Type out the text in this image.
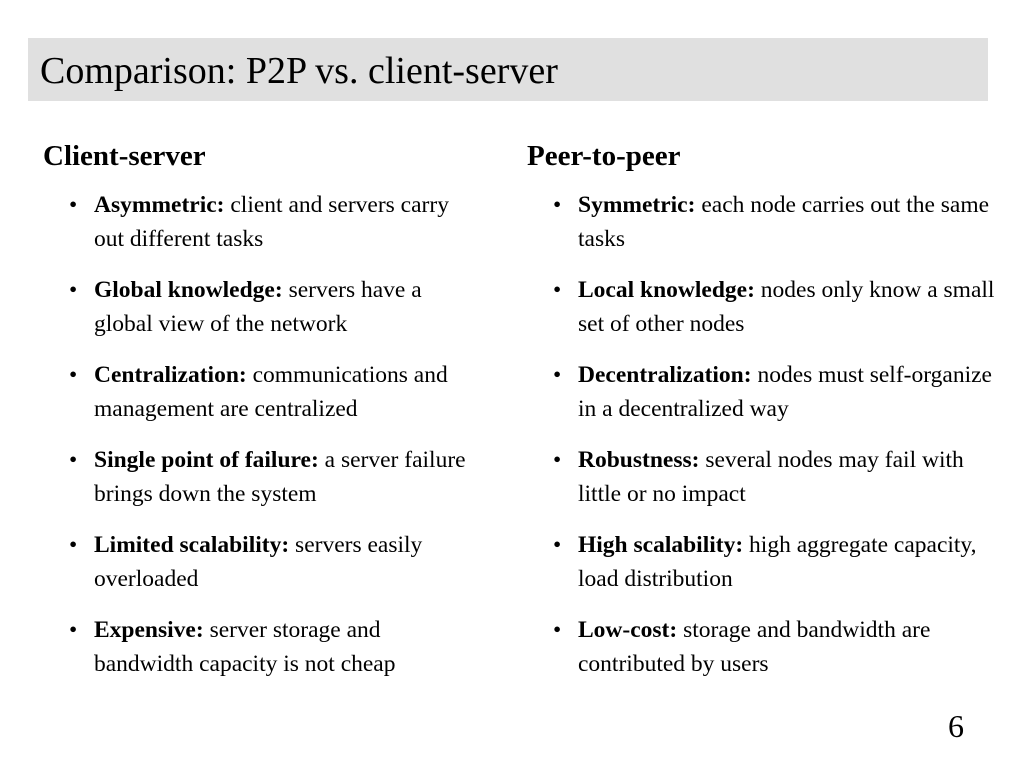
Comparison: P2P vs. client-server
Client-server
• Asymmetric: client and servers carry out different tasks
• Global knowledge: servers have a global view of the network
• Centralization: communications and management are centralized
• Single point of failure: a server failure brings down the system
• Limited scalability: servers easily overloaded
• Expensive: server storage and bandwidth capacity is not cheap
Peer-to-peer
• Symmetric: each node carries out the same tasks
• Local knowledge: nodes only know a small set of other nodes
• Decentralization: nodes must self-organize in a decentralized way
• Robustness: several nodes may fail with little or no impact
• High scalability: high aggregate capacity, load distribution
• Low-cost: storage and bandwidth are contributed by users
6
